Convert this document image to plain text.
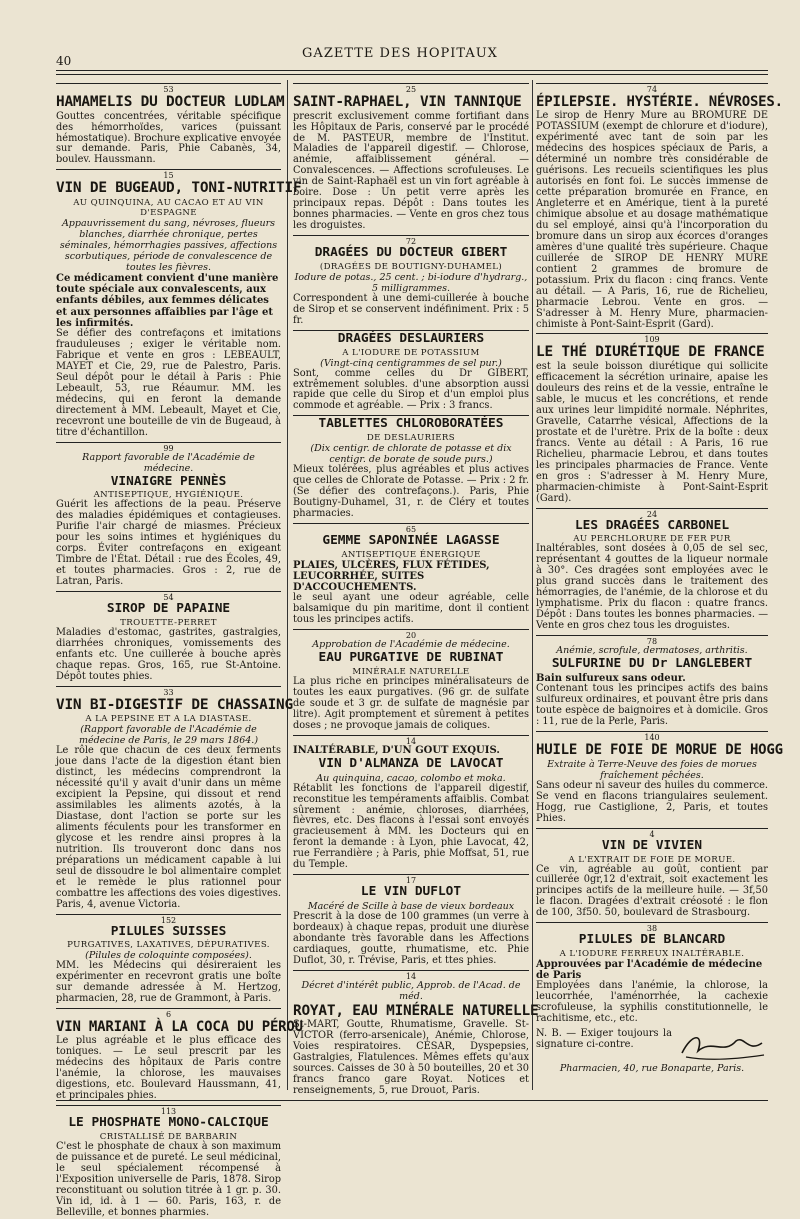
40	GAZETTE DES HOPITAUX
53
HAMAMELIS DU DOCTEUR LUDLAM

Gouttes concentrées, véritable spécifique des hémorrhoïdes, varices (puissant hémostatique). Brochure explicative envoyée sur demande. Paris, Phie Cabanès, 34, boulev. Haussmann.

15
VIN DE BUGEAUD, TONI-NUTRITIF
AU QUINQUINA, AU CACAO ET AU VIN D'ESPAGNE
Appauvrissement du sang, névroses, flueurs blanches, diarrhée chronique, pertes séminales, hémorrhagies passives, affections scorbutiques, période de convalescence de toutes les fièvres.
Ce médicament convient d'une manière toute spéciale aux convalescents, aux enfants débiles, aux femmes délicates et aux personnes affaiblies par l'âge et les infirmités.

Se défier des contrefaçons et imitations frauduleuses ; exiger le véritable nom. Fabrique et vente en gros : LEBEAULT, MAYET et Cie, 29, rue de Palestro, Paris. Seul dépôt pour le détail à Paris : Phie Lebeault, 53, rue Réaumur. MM. les médecins, qui en feront la demande directement à MM. Lebeault, Mayet et Cie, recevront une bouteille de vin de Bugeaud, à titre d'échantillon.

99
Rapport favorable de l'Académie de médecine.
VINAIGRE PENNÈS
ANTISEPTIQUE, HYGIÉNIQUE.

Guérit les affections de la peau. Préserve des maladies épidémiques et contagieuses. Purifie l'air chargé de miasmes. Précieux pour les soins intimes et hygiéniques du corps. Éviter contrefaçons en exigeant Timbre de l'État. Détail : rue des Écoles, 49, et toutes pharmacies. Gros : 2, rue de Latran, Paris.

54
SIROP DE PAPAINE
TROUETTE-PERRET

Maladies d'estomac, gastrites, gastralgies, diarrhées chroniques, vomissements des enfants etc. Une cuillerée à bouche après chaque repas. Gros, 165, rue St-Antoine. Dépôt toutes phies.

33
VIN BI-DIGESTIF DE CHASSAING
A LA PEPSINE ET A LA DIASTASE.
(Rapport favorable de l'Académie de médecine de Paris, le 29 mars 1864.)

Le rôle que chacun de ces deux ferments joue dans l'acte de la digestion étant bien distinct, les médecins comprendront la nécessité qu'il y avait d'unir dans un même excipient la Pepsine, qui dissout et rend assimilables les aliments azotés, à la Diastase, dont l'action se porte sur les aliments féculents pour les transformer en glycose et les rendre ainsi propres à la nutrition. Ils trouveront donc dans nos préparations un médicament capable à lui seul de dissoudre le bol alimentaire complet et le remède le plus rationnel pour combattre les affections des voies digestives. Paris, 4, avenue Victoria.

152
PILULES SUISSES
PURGATIVES, LAXATIVES, DÉPURATIVES.
(Pilules de coloquinte composées).

MM. les Médecins qui désireraient les expérimenter en recevront gratis une boîte sur demande adressée à M. Hertzog, pharmacien, 28, rue de Grammont, à Paris.

6
VIN MARIANI À LA COCA DU PÉROU

Le plus agréable et le plus efficace des toniques. — Le seul prescrit par les médecins des hôpitaux de Paris contre l'anémie, la chlorose, les mauvaises digestions, etc. Boulevard Haussmann, 41, et principales phies.

113
LE PHOSPHATE MONO-CALCIQUE
CRISTALLISÉ DE BARBARIN

C'est le phosphate de chaux à son maximum de puissance et de pureté. Le seul médicinal, le seul spécialement récompensé à l'Exposition universelle de Paris, 1878. Sirop reconstituant ou solution titrée à 1 gr. p. 30. Vin id, id. à 1 — 60. Paris, 163, r. de Belleville, et bonnes pharmies.

25
SAINT-RAPHAEL, VIN TANNIQUE

prescrit exclusivement comme fortifiant dans les Hôpitaux de Paris, conservé par le procédé de M. PASTEUR, membre de l'Institut. Maladies de l'appareil digestif. — Chlorose, anémie, affaiblissement général. — Convalescences. — Affections scrofuleuses. Le vin de Saint-Raphaël est un vin fort agréable à boire. Dose : Un petit verre après les principaux repas. Dépôt : Dans toutes les bonnes pharmacies. — Vente en gros chez tous les droguistes.

72
DRAGÉES DU DOCTEUR GIBERT
(DRAGÉES DE BOUTIGNY-DUHAMEL)
Iodure de potas., 25 cent. ; bi-iodure d'hydrarg., 5 milligrammes.

Correspondent à une demi-cuillerée à bouche de Sirop et se conservent indéfiniment. Prix : 5 fr.

DRAGÉES DESLAURIERS
A L'IODURE DE POTASSIUM
(Vingt-cinq centigrammes de sel pur.)

Sont, comme celles du Dr GIBERT, extrêmement solubles. d'une absorption aussi rapide que celle du Sirop et d'un emploi plus commode et agréable. — Prix : 3 francs.

TABLETTES CHLOROBORATÉES
DE DESLAURIERS
(Dix centigr. de chlorate de potasse et dix centigr. de borate de soude purs.)

Mieux tolérées, plus agréables et plus actives que celles de Chlorate de Potasse. — Prix : 2 fr. (Se défier des contrefaçons.). Paris, Phie Boutigny-Duhamel, 31, r. de Cléry et toutes pharmacies.

65
GEMME SAPONINÉE LAGASSE
ANTISEPTIQUE ÉNERGIQUE
PLAIES, ULCÈRES, FLUX FÉTIDES, LEUCORRHÉE, SUITES D'ACCOUCHEMENTS.

le seul ayant une odeur agréable, celle balsamique du pin maritime, dont il contient tous les principes actifs.

20
Approbation de l'Académie de médecine.
EAU PURGATIVE DE RUBINAT
MINÉRALE NATURELLE

La plus riche en principes minéralisateurs de toutes les eaux purgatives. (96 gr. de sulfate de soude et 3 gr. de sulfate de magnésie par litre). Agit promptement et sûrement à petites doses ; ne provoque jamais de coliques.

14
INALTÉRABLE, D'UN GOUT EXQUIS.
VIN D'ALMANZA DE LAVOCAT
Au quinquina, cacao, colombo et moka.

Rétablit les fonctions de l'appareil digestif, reconstitue les tempéraments affaiblis. Combat sûrement : anémie, chloroses, diarrhées, fièvres, etc. Des flacons à l'essai sont envoyés gracieusement à MM. les Docteurs qui en feront la demande : à Lyon, phie Lavocat, 42, rue Ferrandière ; à Paris, phie Moffsat, 51, rue du Temple.

17
LE VIN DUFLOT
Macéré de Scille à base de vieux bordeaux

Prescrit à la dose de 100 grammes (un verre à bordeaux) à chaque repas, produit une diurèse abondante très favorable dans les Affections cardiaques, goutte, rhumatisme, etc. Phie Duflot, 30, r. Trévise, Paris, et ttes phies.

14
Décret d'intérêt public, Approb. de l'Acad. de méd.
ROYAT, EAU MINÉRALE NATURELLE

St-MART, Goutte, Rhumatisme, Gravelle. St-VICTOR (ferro-arsenicale), Anémie, Chlorose, Voies respiratoires. CÉSAR, Dyspepsies, Gastralgies, Flatulences. Mêmes effets qu'aux sources. Caisses de 30 à 50 bouteilles, 20 et 30 francs franco gare Royat. Notices et renseignements, 5, rue Drouot, Paris.

74
ÉPILEPSIE. HYSTÉRIE. NÉVROSES.

Le sirop de Henry Mure au BROMURE DE POTASSIUM (exempt de chlorure et d'iodure), expérimenté avec tant de soin par les médecins des hospices spéciaux de Paris, a déterminé un nombre très considérable de guérisons. Les recueils scientifiques les plus autorisés en font foi. Le succès immense de cette préparation bromurée en France, en Angleterre et en Amérique, tient à la pureté chimique absolue et au dosage mathématique du sel employé, ainsi qu'à l'incorporation du bromure dans un sirop aux écorces d'oranges amères d'une qualité très supérieure. Chaque cuillerée de SIROP DE HENRY MURE contient 2 grammes de bromure de potassium. Prix du flacon : cinq francs. Vente au détail. — A Paris, 16, rue de Richelieu, pharmacie Lebrou. Vente en gros. — S'adresser à M. Henry Mure, pharmacien-chimiste à Pont-Saint-Esprit (Gard).

109
LE THÉ DIURÉTIQUE DE FRANCE

est la seule boisson diurétique qui sollicite efficacement la sécrétion urinaire, apaise les douleurs des reins et de la vessie, entraîne le sable, le mucus et les concrétions, et rende aux urines leur limpidité normale. Néphrites, Gravelle, Catarrhe vésical, Affections de la prostate et de l'urètre. Prix de la boîte : deux francs. Vente au détail : A Paris, 16 rue Richelieu, pharmacie Lebrou, et dans toutes les principales pharmacies de France. Vente en gros : S'adresser à M. Henry Mure, pharmacien-chimiste à Pont-Saint-Esprit (Gard).

24
LES DRAGÉES CARBONEL
AU PERCHLORURE DE FER PUR

Inaltérables, sont dosées à 0,05 de sel sec, représentant 4 gouttes de la liqueur normale à 30°. Ces dragées sont employées avec le plus grand succès dans le traitement des hémorragies, de l'anémie, de la chlorose et du lymphatisme. Prix du flacon : quatre francs. Dépôt : Dans toutes les bonnes pharmacies. — Vente en gros chez tous les droguistes.

78
Anémie, scrofule, dermatoses, arthritis.
SULFURINE DU Dr LANGLEBERT
Bain sulfureux sans odeur.

Contenant tous les principes actifs des bains sulfureux ordinaires, et pouvant être pris dans toute espèce de baignoires et à domicile. Gros : 11, rue de la Perle, Paris.

140
HUILE DE FOIE DE MORUE DE HOGG
Extraite à Terre-Neuve des foies de morues fraîchement pêchées.

Sans odeur ni saveur des huiles du commerce. Se vend en flacons triangulaires seulement. Hogg, rue Castiglione, 2, Paris, et toutes Phies.

4
VIN DE VIVIEN
A L'EXTRAIT DE FOIE DE MORUE.

Ce vin, agréable au goût, contient par cuillerée 0gr,12 d'extrait, soit exactement les principes actifs de la meilleure huile. — 3f,50 le flacon. Dragées d'extrait créosoté : le flon de 100, 3f50. 50, boulevard de Strasbourg.

38
PILULES DE BLANCARD
A L'IODURE FERREUX INALTÉRABLE.
Approuvées par l'Académie de médecine de Paris

Employées dans l'anémie, la chlorose, la leucorrhée, l'aménorrhée, la cachexie scrofuleuse, la syphilis constitutionnelle, le rachitisme, etc., etc.

N. B. — Exiger toujours la signature ci-contre.
Pharmacien, 40, rue Bonaparte, Paris.
